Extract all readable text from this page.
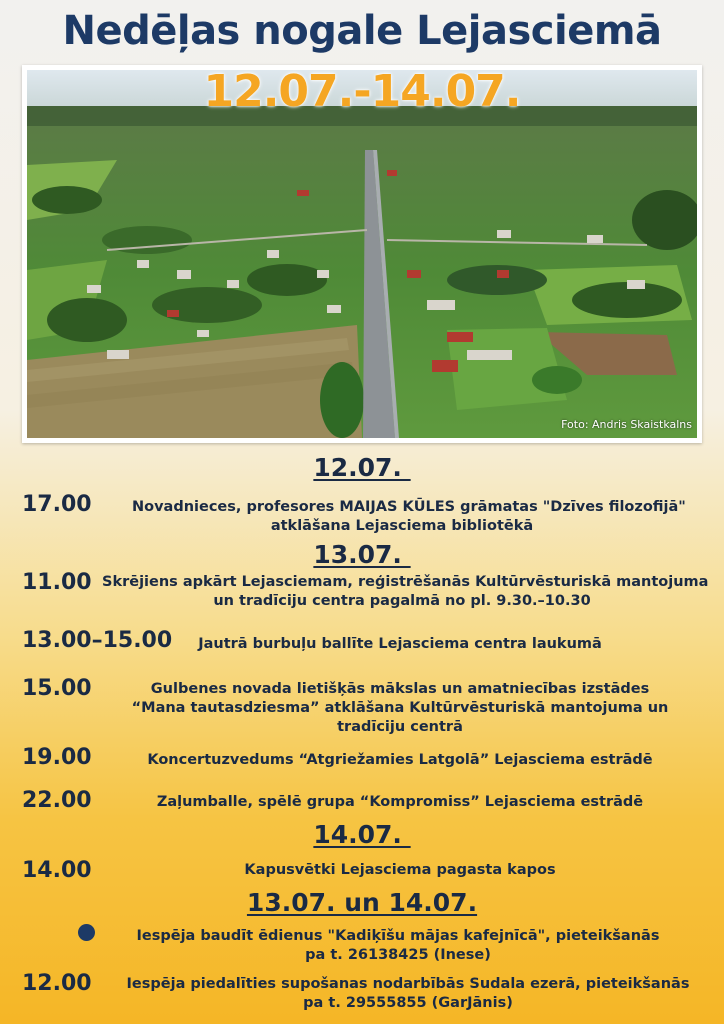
Nedēļas nogale Lejasciemā
12.07.-14.07.
Foto: Andris Skaistkalns
12.07.
17.00	Novadnieces, profesores MAIJAS KŪLES grāmatas "Dzīves filozofijā"
atklāšana Lejasciema bibliotēkā
13.07.
11.00 Skrējiens apkārt Lejasciemam, reģistrēšanās Kultūrvēsturiskā mantojuma
un tradīciju centra pagalmā no pl. 9.30.–10.30
13.00–15.00	Jautrā burbuļu ballīte Lejasciema centra laukumā
15.00	Gulbenes novada lietišķās mākslas un amatniecības izstādes
“Mana tautasdziesma” atklāšana Kultūrvēsturiskā mantojuma un
tradīciju centrā
19.00	Koncertuzvedums “Atgriežamies Latgolā” Lejasciema estrādē
22.00	Zaļumballe, spēlē grupa “Kompromiss” Lejasciema estrādē
14.07.
14.00	Kapusvētki Lejasciema pagasta kapos
13.07. un 14.07.
Iespēja baudīt ēdienus "Kadiķīšu mājas kafejnīcā", pieteikšanās
pa t. 26138425 (Inese)
12.00	Iespēja piedalīties supošanas nodarbībās Sudala ezerā, pieteikšanās
pa t. 29555855 (GarJānis)
